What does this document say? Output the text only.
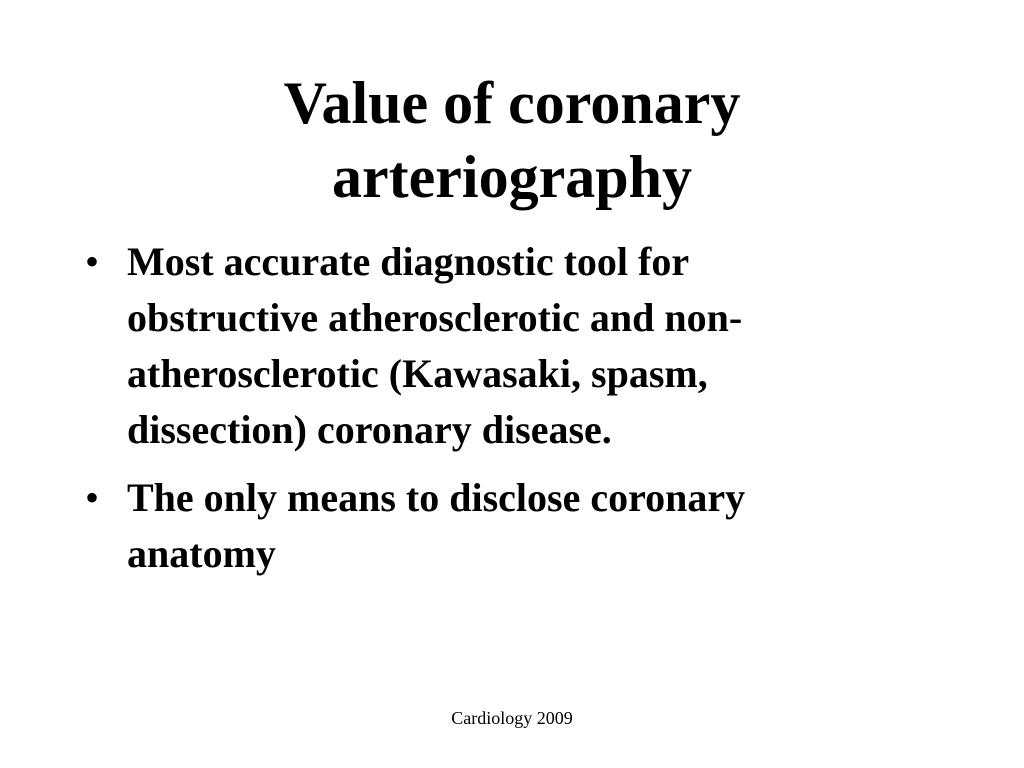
Value of coronary
arteriography
• Most accurate diagnostic tool for
obstructive atherosclerotic and non-
atherosclerotic (Kawasaki, spasm,
dissection) coronary disease.
• The only means to disclose coronary
anatomy
Cardiology 2009
